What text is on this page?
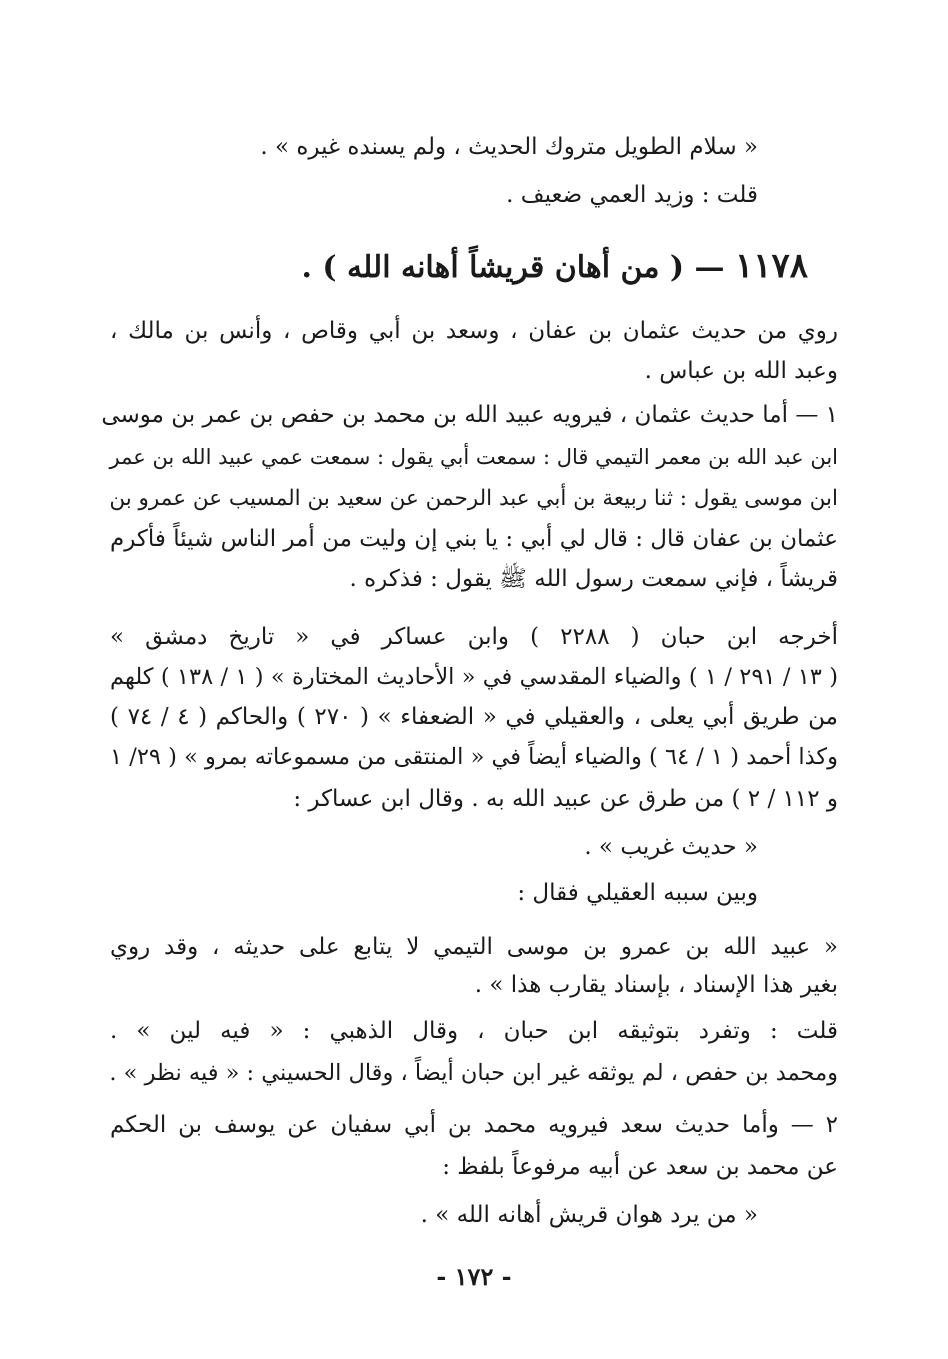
« سلام الطويل متروك الحديث ، ولم يسنده غيره » .
قلت : وزيد العمي ضعيف .
١١٧٨ — ( من أهان قريشاً أهانه الله ) .
روي من حديث عثمان بن عفان ، وسعد بن أبي وقاص ، وأنس بن مالك ،
وعبد الله بن عباس .
١ — أما حديث عثمان ، فيرويه عبيد الله بن محمد بن حفص بن عمر بن موسى
ابن عبد الله بن معمر التيمي قال : سمعت أبي يقول : سمعت عمي عبيد الله بن عمر
ابن موسى يقول : ثنا ربيعة بن أبي عبد الرحمن عن سعيد بن المسيب عن عمرو بن
عثمان بن عفان قال : قال لي أبي : يا بني إن وليت من أمر الناس شيئاً فأكرم
قريشاً ، فإني سمعت رسول الله ﷺ يقول : فذكره .
أخرجه ابن حبان ( ٢٢٨٨ ) وابن عساكر في « تاريخ دمشق »
( ١٣ / ٢٩١ / ١ ) والضياء المقدسي في « الأحاديث المختارة » ( ١ / ١٣٨ ) كلهم
من طريق أبي يعلى ، والعقيلي في « الضعفاء » ( ٢٧٠ ) والحاكم ( ٤ / ٧٤ )
وكذا أحمد ( ١ / ٦٤ ) والضياء أيضاً في « المنتقى من مسموعاته بمرو » ( ٢٩/ ١
و ١١٢ / ٢ ) من طرق عن عبيد الله به . وقال ابن عساكر :
« حديث غريب » .
وبين سببه العقيلي فقال :
« عبيد الله بن عمرو بن موسى التيمي لا يتابع على حديثه ، وقد روي
بغير هذا الإسناد ، بإسناد يقارب هذا » .
قلت : وتفرد بتوثيقه ابن حبان ، وقال الذهبي : « فيه لين » .
ومحمد بن حفص ، لم يوثقه غير ابن حبان أيضاً ، وقال الحسيني : « فيه نظر » .
٢ — وأما حديث سعد فيرويه محمد بن أبي سفيان عن يوسف بن الحكم
عن محمد بن سعد عن أبيه مرفوعاً بلفظ :
« من يرد هوان قريش أهانه الله » .
- ١٧٢ -
